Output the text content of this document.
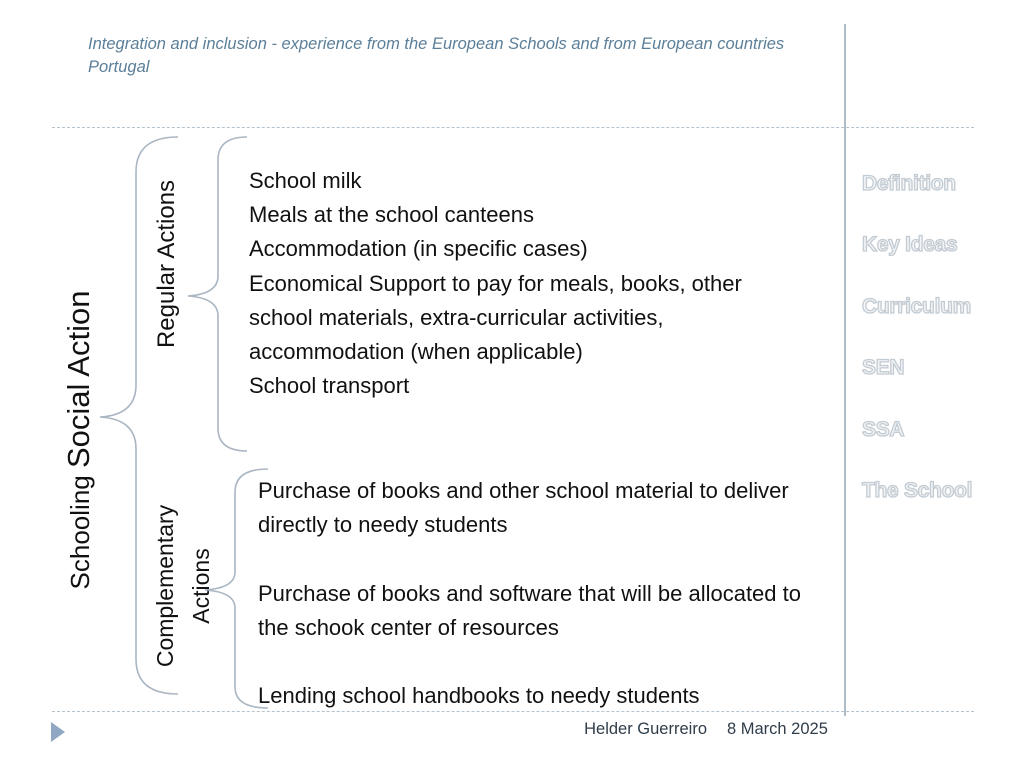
Integration and inclusion - experience from the European Schools and from European countries
Portugal
Schooling Social Action
Regular Actions
Complementary Actions
School milk
Meals at the school canteens
Accommodation (in specific cases)
Economical Support to pay for meals, books, other school materials, extra-curricular activities, accommodation (when applicable)
School transport
Purchase of books and other school material to deliver directly to needy students
Purchase of books and software that will be allocated to the schook center of resources
Lending school handbooks to needy students
Definition
Key Ideas
Curriculum
SEN
SSA
The School
Helder Guerreiro 8 March 2025
